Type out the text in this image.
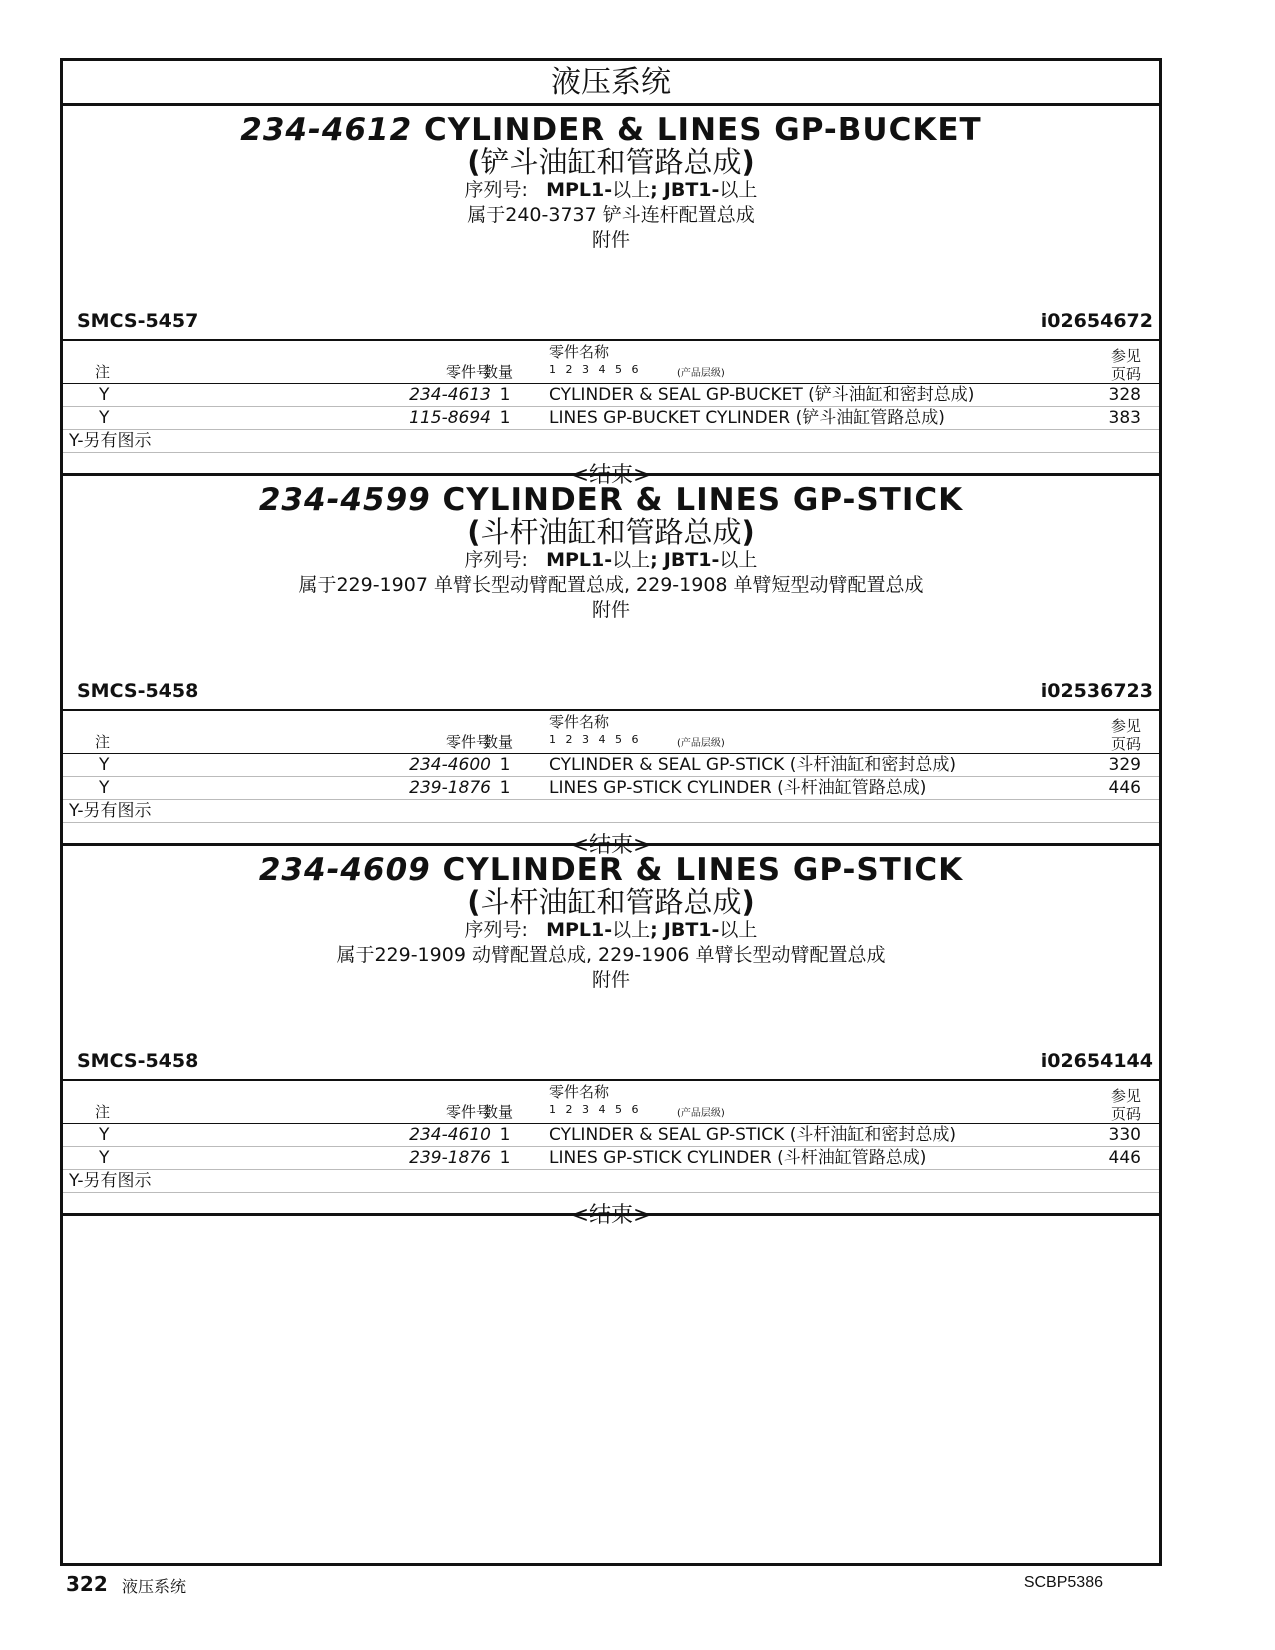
液压系统
234-4612 CYLINDER & LINES GP-BUCKET
(铲斗油缸和管路总成)
序列号: MPL1-以上; JBT1-以上
属于240-3737 铲斗连杆配置总成
附件
SMCS-5457	i02654672
零件名称
注	零件号
数量	1 2 3 4 5 6	(产品层级)
参见
页码
Y	234-4613 1 CYLINDER & SEAL GP-BUCKET (铲斗油缸和密封总成)	328
Y	115-8694 1 LINES GP-BUCKET CYLINDER (铲斗油缸管路总成)	383
Y-另有图示
<结束>
234-4599 CYLINDER & LINES GP-STICK
(斗杆油缸和管路总成)
序列号: MPL1-以上; JBT1-以上
属于229-1907 单臂长型动臂配置总成, 229-1908 单臂短型动臂配置总成
附件
SMCS-5458	i02536723
零件名称
注	零件号
数量	1 2 3 4 5 6	(产品层级)
参见
页码
Y	234-4600 1 CYLINDER & SEAL GP-STICK (斗杆油缸和密封总成)	329
Y	239-1876 1 LINES GP-STICK CYLINDER (斗杆油缸管路总成)	446
Y-另有图示
<结束>
234-4609 CYLINDER & LINES GP-STICK
(斗杆油缸和管路总成)
序列号: MPL1-以上; JBT1-以上
属于229-1909 动臂配置总成, 229-1906 单臂长型动臂配置总成
附件
SMCS-5458	i02654144
零件名称
注	零件号
数量	1 2 3 4 5 6	(产品层级)
参见
页码
Y	234-4610 1 CYLINDER & SEAL GP-STICK (斗杆油缸和密封总成)	330
Y	239-1876 1 LINES GP-STICK CYLINDER (斗杆油缸管路总成)	446
Y-另有图示
<结束>
322 液压系统	SCBP5386
